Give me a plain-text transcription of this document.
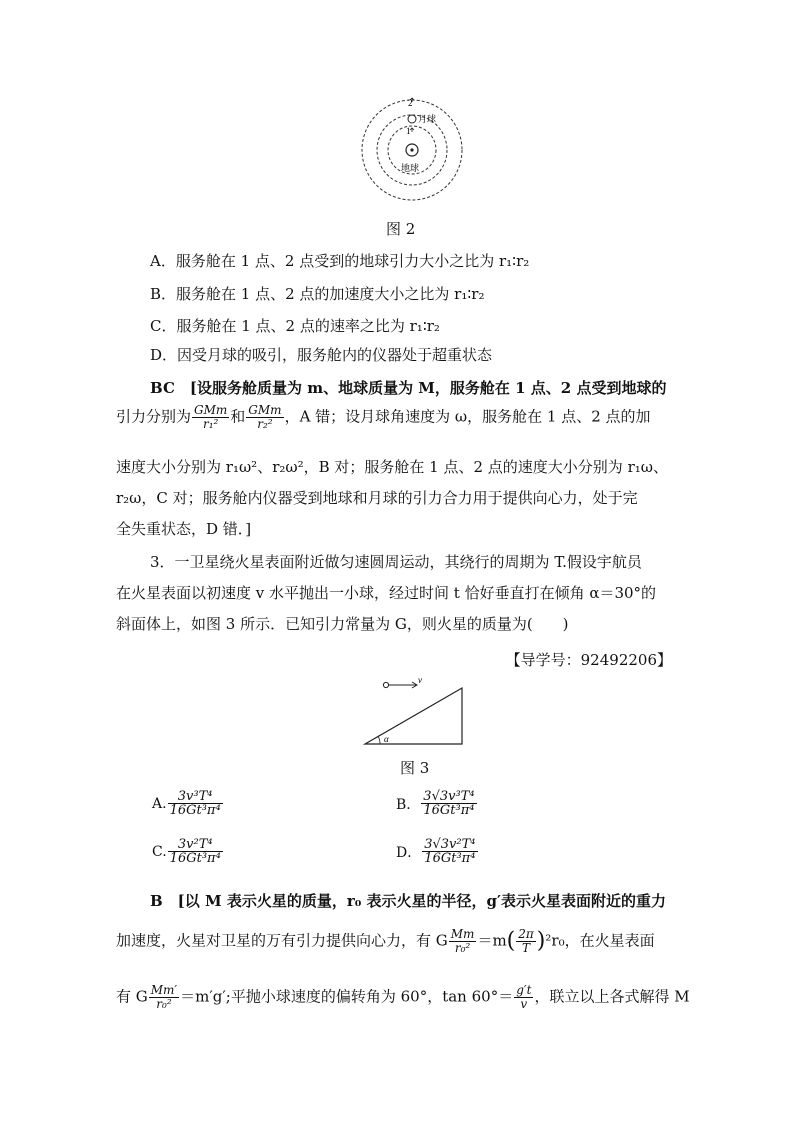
2
1
月球
地球
图 2
A．服务舱在 1 点、2 点受到的地球引力大小之比为 r₁∶r₂
B．服务舱在 1 点、2 点的加速度大小之比为 r₁∶r₂
C．服务舱在 1 点、2 点的速率之比为 r₁∶r₂
D．因受月球的吸引，服务舱内的仪器处于超重状态
BC　[设服务舱质量为 m、地球质量为 M，服务舱在 1 点、2 点受到地球的
引力分别为 $\frac{\text{GMm}}{\text{r₁²}}$ 和 $\frac{\text{GMm}}{\text{r₂²}}$ ，A 错；设月球角速度为 ω，服务舱在 1 点、2 点的加
速度大小分别为 r₁ω²、r₂ω²，B 对；服务舱在 1 点、2 点的速度大小分别为 r₁ω、
r₂ω，C 对；服务舱内仪器受到地球和月球的引力合力用于提供向心力，处于完
全失重状态，D 错．]
3．一卫星绕火星表面附近做匀速圆周运动，其绕行的周期为 T.假设宇航员
在火星表面以初速度 v 水平抛出一小球，经过时间 t 恰好垂直打在倾角 α＝30°的
斜面体上，如图 3 所示．已知引力常量为 G，则火星的质量为(　　)
【导学号：92492206】
v
α
图 3
A. $\frac{\text{3v³T⁴}}{\text{16Gt³π⁴}}$	B． $\frac{\text{3√3v³T⁴}}{\text{16Gt³π⁴}}$
C. $\frac{\text{3v²T⁴}}{\text{16Gt³π⁴}}$	D． $\frac{\text{3√3v²T⁴}}{\text{16Gt³π⁴}}$
B　[以 M 表示火星的质量，r₀ 表示火星的半径，g′表示火星表面附近的重力
加速度，火星对卫星的万有引力提供向心力，有 G $\frac{Mm}{\text{r₀²}} =m( \frac{2\pi}{T} )^2r_0$，在火星表面
有 G $\frac{Mm'}{\text{r₀²}} =m'g'$;平抛小球速度的偏转角为 60°，$\tan 60^\circ= \frac{g't}{v}$ ，联立以上各式解得 M
